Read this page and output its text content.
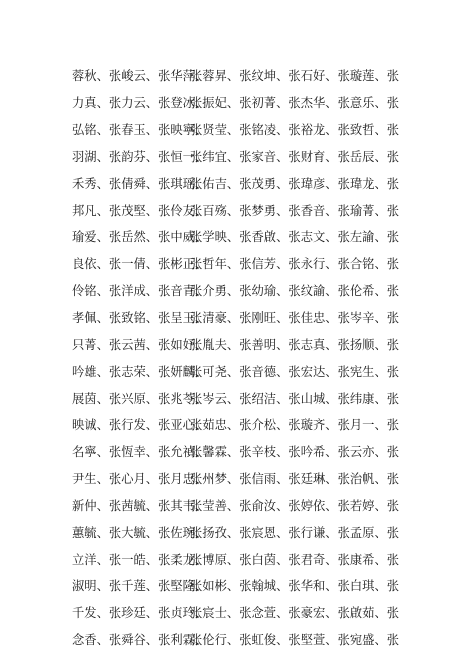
蓉秋、张峻云、张华萍、
张蓉昇、张纹坤、 张石好、张璇莲、张
力真、张力云、张登冰、
张振妃、张初菁、 张杰华、张意乐、张
弘铭、张春玉、张映寧、
张贤莹、张铭凌、 张裕龙、张致哲、张
羽湖、张韵芬、张恒一、
张纬宜、张家音、 张财育、张岳辰、张
禾秀、张倩舜、张琪瑶、
张佑吉、张茂勇、 张瑋彦、张瑋龙、张
邦凡、张茂堅、张伶友、
张百殇、张梦勇、 张香音、张瑜菁、张
瑜爱、张岳然、张中威、
张学映、张香啟、 张志文、张左諭、张
良依、张一倩、张彬正、
张哲年、张信芳、 张永行、张合铭、张
伶铭、张洋成、张音青、
张介勇、张幼瑜、 张纹諭、张伦希、张
孝佩、张致铭、张呈玉、
张清豪、张刚旺、 张佳忠、张岑辛、张
只菁、张云茜、张如妤、
张胤夫、张善明、 张志真、张扬顺、张
吟雄、张志荣、张妍麟、
张可尧、张音德、 张宏达、张宪生、张
展茵、张兴原、张兆苓、
张岑云、张绍洁、 张山城、张纬康、张
映诚、张行发、张亚心、
张茹忠、张介松、 张璇齐、张月一、张
名寧、张恆幸、张允禎、
张馨霖、张辛枝、 张吟希、张云亦、张
尹生、张心月、张月忠、
张州梦、张信雨、 张廷琳、张治帆、张
新仲、张茜毓、张其韦、
张莹善、张俞汝、 张婷依、张若婷、张
蕙毓、张大毓、张佐琬、
张扬孜、张宸恩、 张行谦、张孟原、张
立洋、张一皓、张柔龙、
张博原、张白茵、 张君奇、张康希、张
淑明、张千莲、张堅隆、
张如彬、张翰城、 张华和、张白琪、张
千发、张珍廷、张贞玲、
张宸士、张念萱、 张豪宏、张啟茹、张
念香、张舜谷、张利霖、
张伦行、张虹俊、 张堅萱、张宛盛、张
